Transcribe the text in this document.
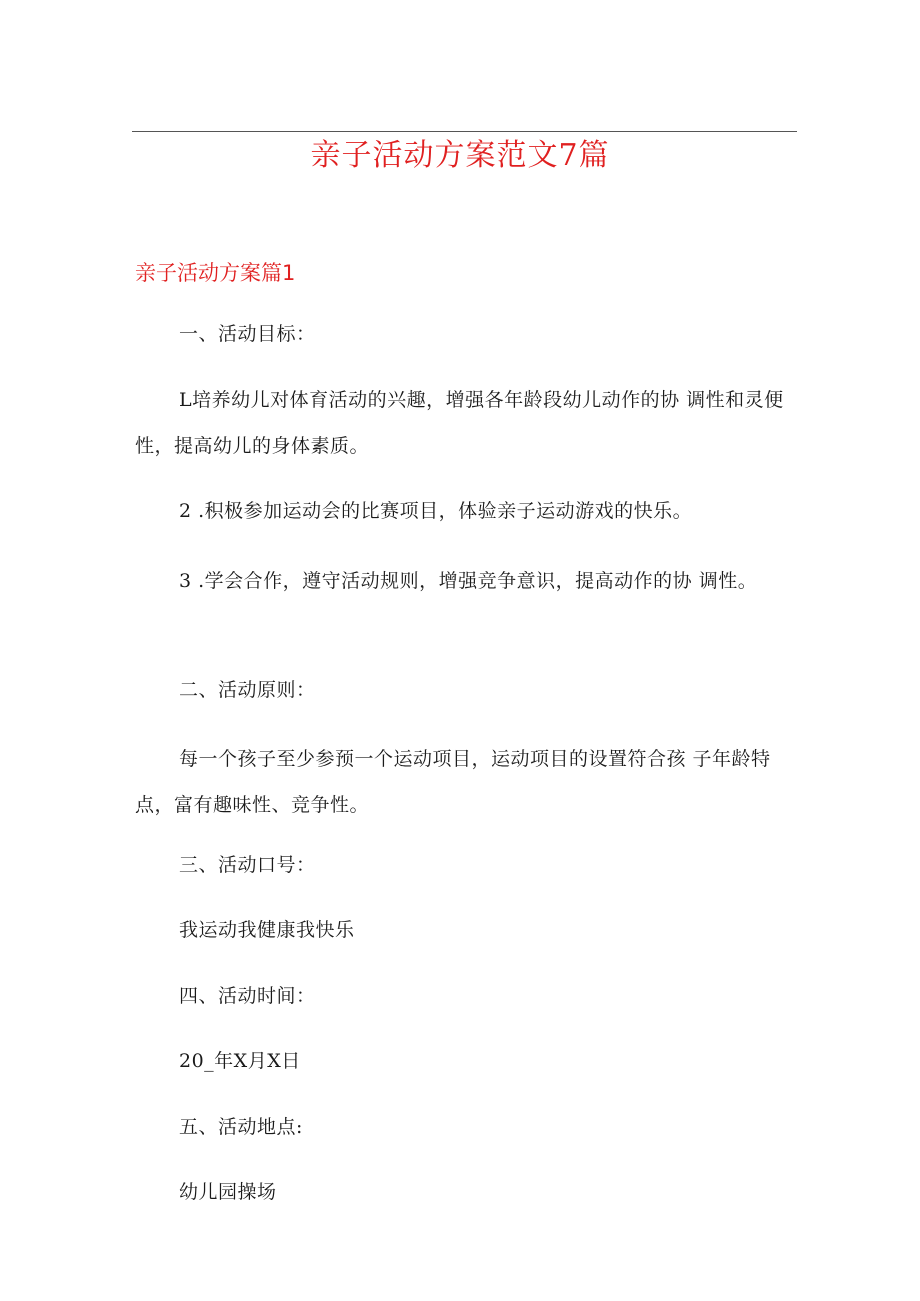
亲子活动方案范文7篇
亲子活动方案篇1

一、活动目标：

L培养幼儿对体育活动的兴趣，增强各年龄段幼儿动作的协 调性和灵便性，提高幼儿的身体素质。

2 .积极参加运动会的比赛项目，体验亲子运动游戏的快乐。

3 .学会合作，遵守活动规则，增强竞争意识，提高动作的协 调性。

二、活动原则：

每一个孩子至少参预一个运动项目，运动项目的设置符合孩 子年龄特点，富有趣味性、竞争性。

三、活动口号：

我运动我健康我快乐

四、活动时间：

20_年X月X日

五、活动地点:

幼儿园操场
